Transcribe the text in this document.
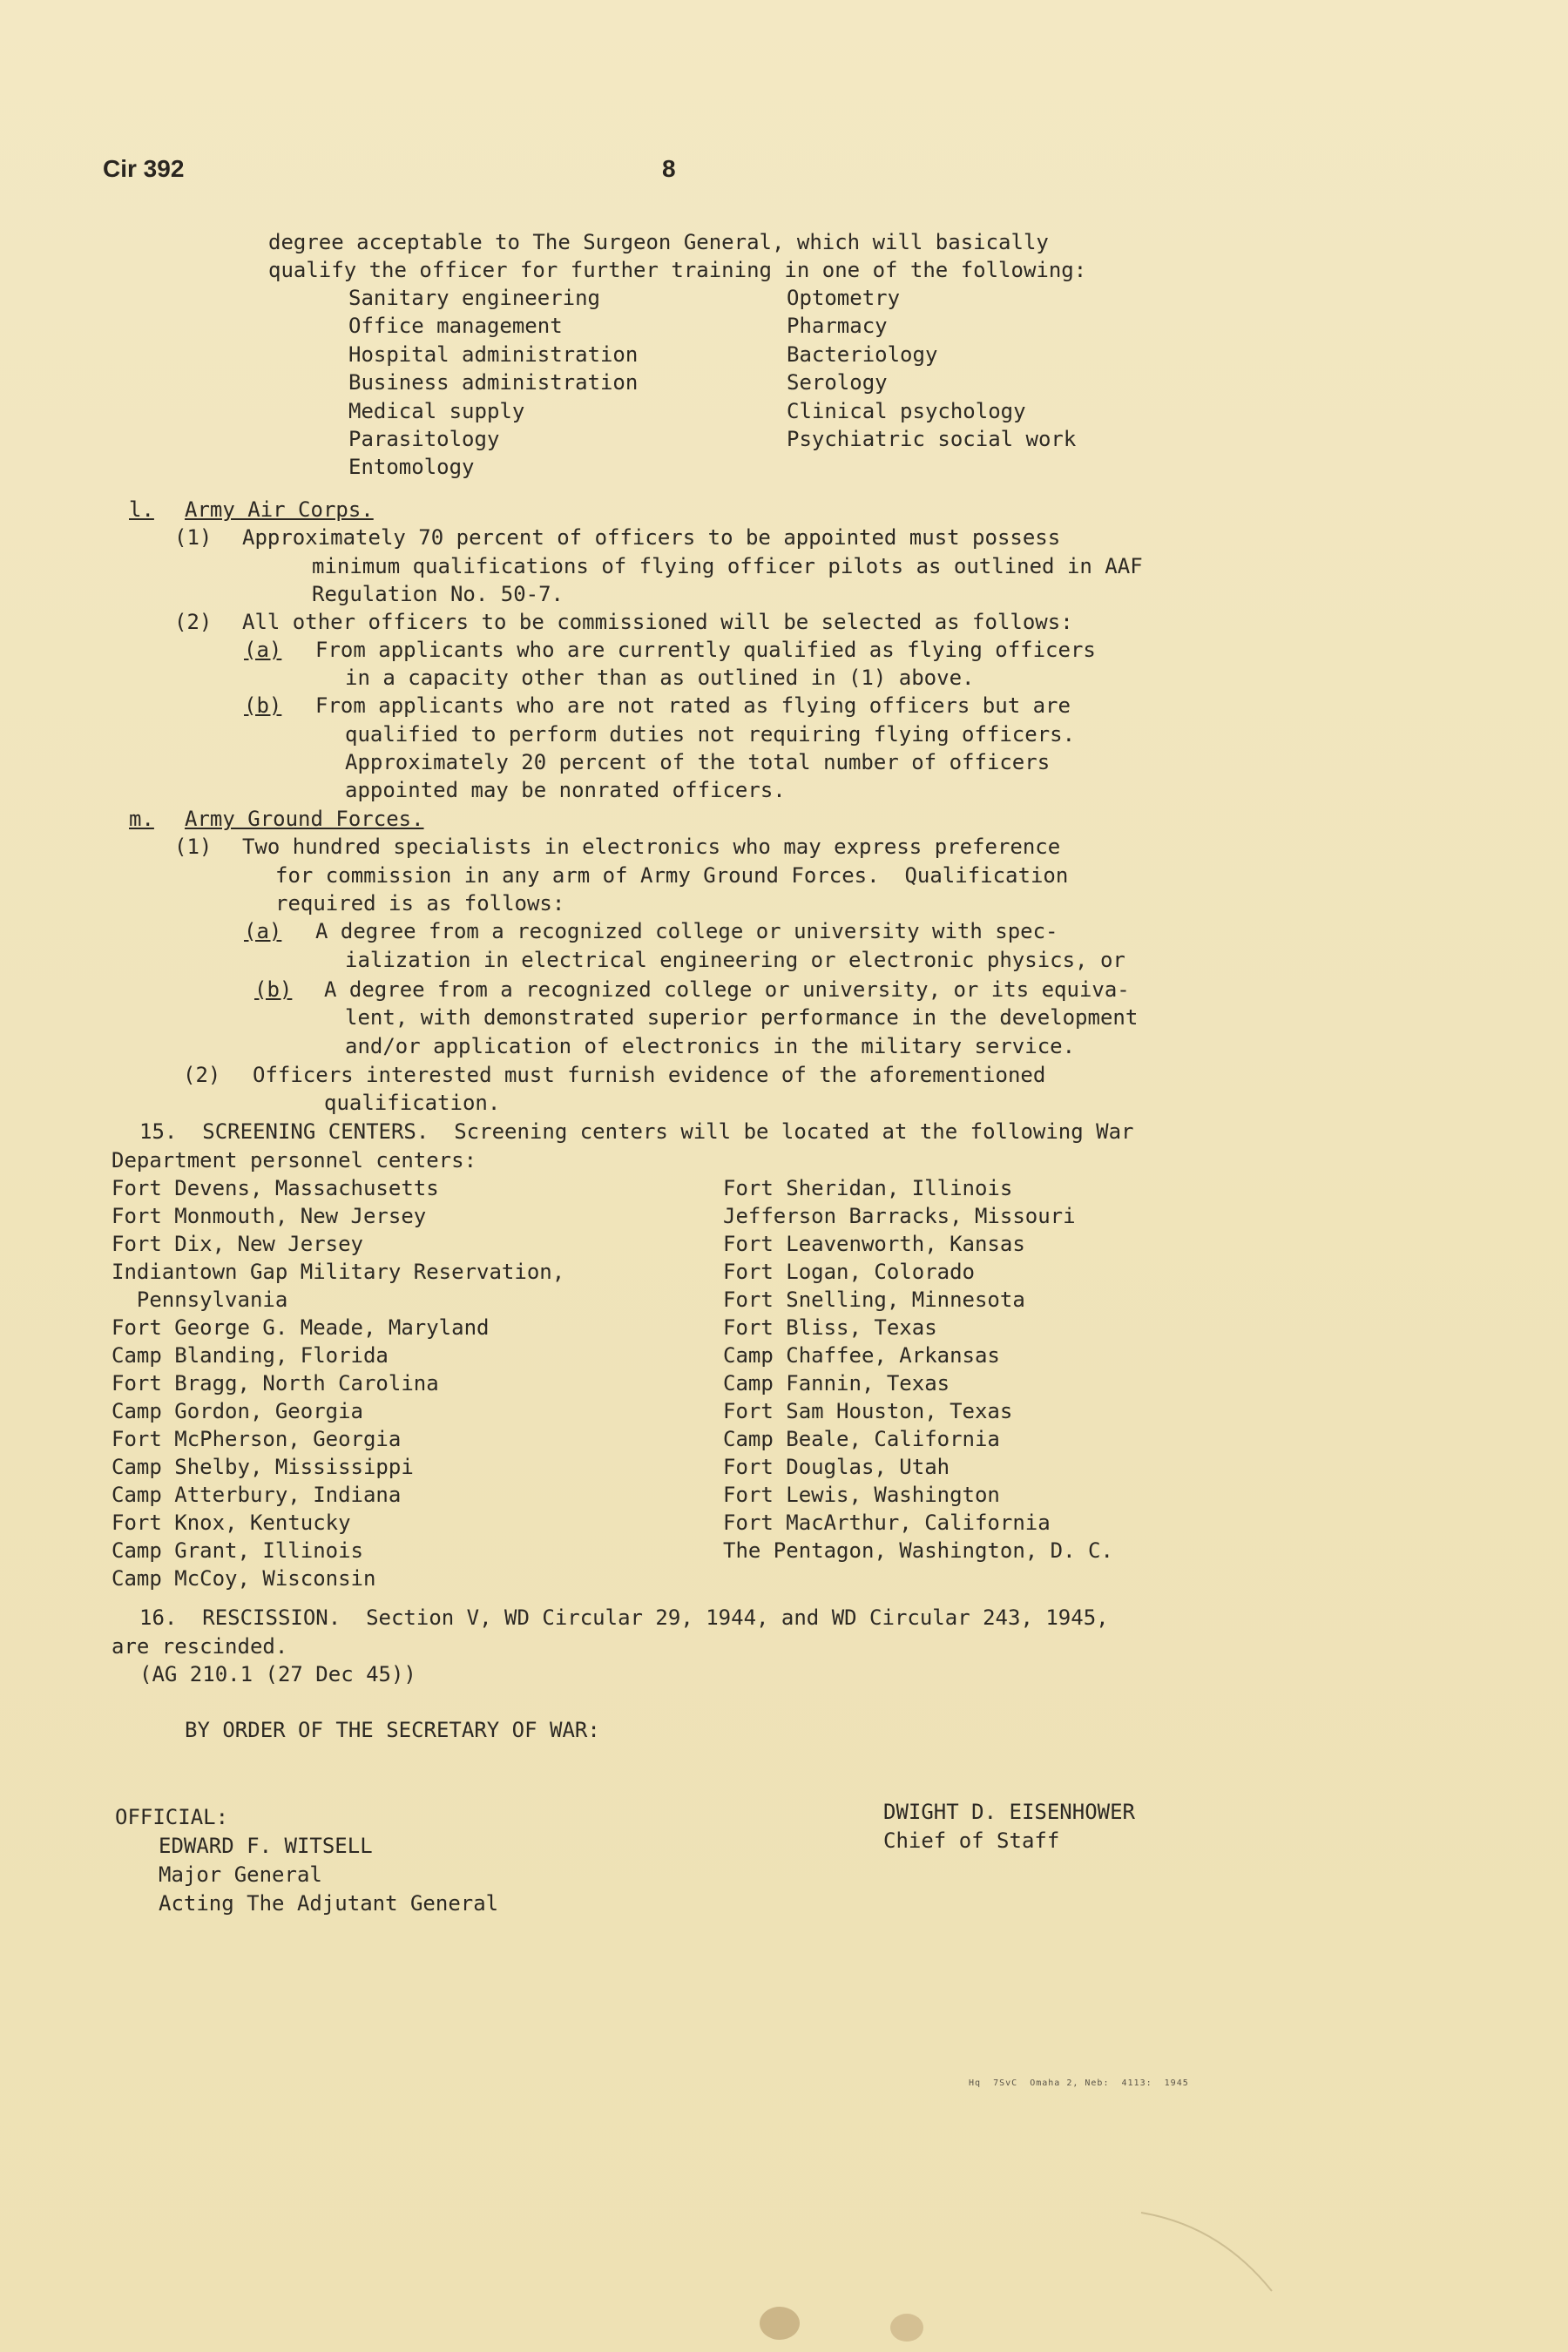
Cir 392	8
degree acceptable to The Surgeon General, which will basically
qualify the officer for further training in one of the following:
Sanitary engineering
Office management
Hospital administration
Business administration
Medical supply
Parasitology
Entomology
Optometry
Pharmacy
Bacteriology
Serology
Clinical psychology
Psychiatric social work
l. Army Air Corps.
(1) Approximately 70 percent of officers to be appointed must possess
minimum qualifications of flying officer pilots as outlined in AAF
Regulation No. 50-7.
(2) All other officers to be commissioned will be selected as follows:
(a) From applicants who are currently qualified as flying officers
in a capacity other than as outlined in (1) above.
(b) From applicants who are not rated as flying officers but are
qualified to perform duties not requiring flying officers.
Approximately 20 percent of the total number of officers
appointed may be nonrated officers.
m. Army Ground Forces.
(1) Two hundred specialists in electronics who may express preference
for commission in any arm of Army Ground Forces.  Qualification
required is as follows:
(a) A degree from a recognized college or university with spec-
ialization in electrical engineering or electronic physics, or
(b) A degree from a recognized college or university, or its equiva-
lent, with demonstrated superior performance in the development
and/or application of electronics in the military service.
(2) Officers interested must furnish evidence of the aforementioned
qualification.
15.  SCREENING CENTERS.  Screening centers will be located at the following War
Department personnel centers:
Fort Devens, Massachusetts
Fort Monmouth, New Jersey
Fort Dix, New Jersey
Indiantown Gap Military Reservation,
Pennsylvania
Fort George G. Meade, Maryland
Camp Blanding, Florida
Fort Bragg, North Carolina
Camp Gordon, Georgia
Fort McPherson, Georgia
Camp Shelby, Mississippi
Camp Atterbury, Indiana
Fort Knox, Kentucky
Camp Grant, Illinois
Camp McCoy, Wisconsin
Fort Sheridan, Illinois
Jefferson Barracks, Missouri
Fort Leavenworth, Kansas
Fort Logan, Colorado
Fort Snelling, Minnesota
Fort Bliss, Texas
Camp Chaffee, Arkansas
Camp Fannin, Texas
Fort Sam Houston, Texas
Camp Beale, California
Fort Douglas, Utah
Fort Lewis, Washington
Fort MacArthur, California
The Pentagon, Washington, D. C.
16.  RESCISSION.  Section V, WD Circular 29, 1944, and WD Circular 243, 1945,
are rescinded.
(AG 210.1 (27 Dec 45))
BY ORDER OF THE SECRETARY OF WAR:
OFFICIAL:
EDWARD F. WITSELL
Major General
Acting The Adjutant General
DWIGHT D. EISENHOWER
Chief of Staff
Hq  7SvC  Omaha 2, Neb:  4113:  1945
